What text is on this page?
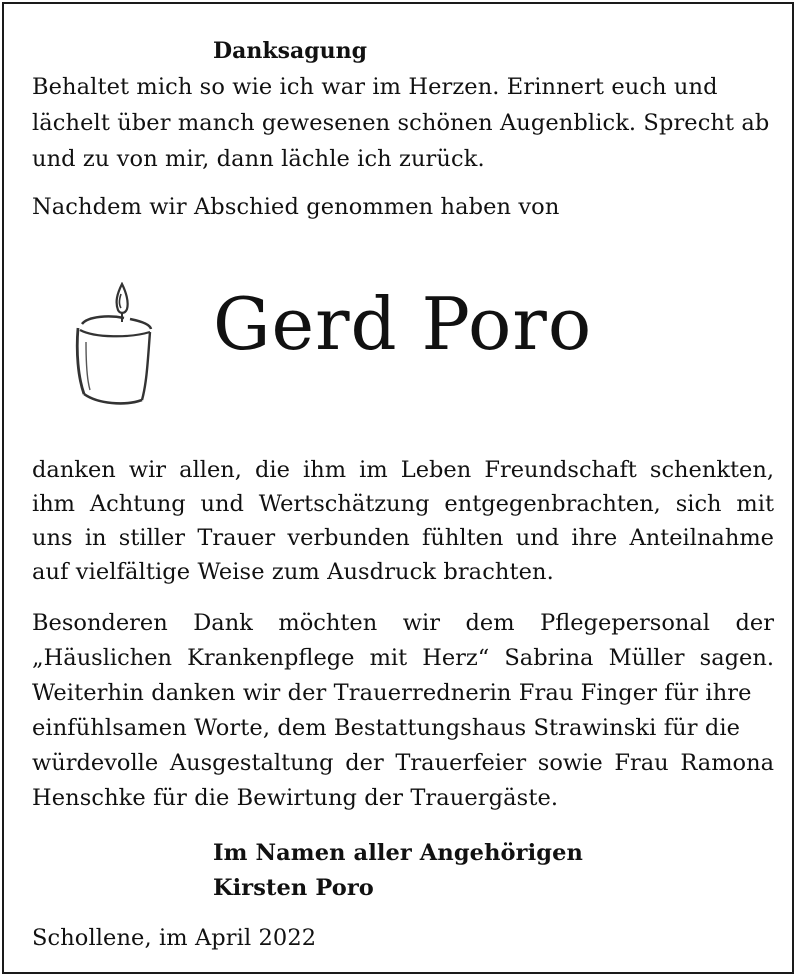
Danksagung
Behaltet mich so wie ich war im Herzen. Erinnert euch und
lächelt über manch gewesenen schönen Augenblick. Sprecht ab
und zu von mir, dann lächle ich zurück.
Nachdem wir Abschied genommen haben von
Gerd Poro
danken wir allen, die ihm im Leben Freundschaft schenkten,
ihm Achtung und Wertschätzung entgegenbrachten, sich mit
uns in stiller Trauer verbunden fühlten und ihre Anteilnahme
auf vielfältige Weise zum Ausdruck brachten.
Besonderen Dank möchten wir dem Pflegepersonal der
„Häuslichen Krankenpflege mit Herz“ Sabrina Müller sagen.
Weiterhin danken wir der Trauerrednerin Frau Finger für ihre
einfühlsamen Worte, dem Bestattungshaus Strawinski für die
würdevolle Ausgestaltung der Trauerfeier sowie Frau Ramona
Henschke für die Bewirtung der Trauergäste.
Im Namen aller Angehörigen
Kirsten Poro
Schollene, im April 2022
